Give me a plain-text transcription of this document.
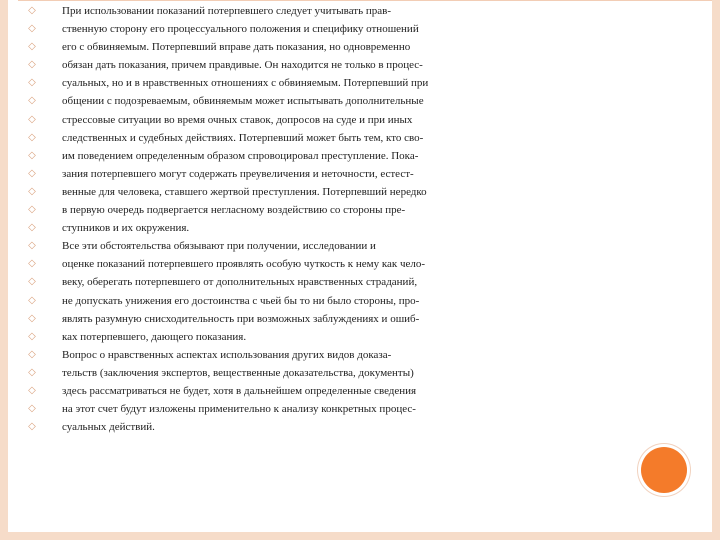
◇ При использовании показаний потерпевшего следует учитывать прав-
◇ ственную сторону его процессуального положения и специфику отношений
◇ его с обвиняемым. Потерпевший вправе дать показания, но одновременно
◇ обязан дать показания, причем правдивые. Он находится не только в процес-
◇ суальных, но и в нравственных отношениях с обвиняемым. Потерпевший при
◇ общении с подозреваемым, обвиняемым может испытывать дополнительные
◇ стрессовые ситуации во время очных ставок, допросов на суде и при иных
◇ следственных и судебных действиях. Потерпевший может быть тем, кто сво-
◇ им поведением определенным образом спровоцировал преступление. Пока-
◇ зания потерпевшего могут содержать преувеличения и неточности, естест-
◇ венные для человека, ставшего жертвой преступления. Потерпевший нередко
◇ в первую очередь подвергается негласному воздействию со стороны пре-
◇ ступников и их окружения.
◇ Все эти обстоятельства обязывают при получении, исследовании и
◇ оценке показаний потерпевшего проявлять особую чуткость к нему как чело-
◇ веку, оберегать потерпевшего от дополнительных нравственных страданий,
◇ не допускать унижения его достоинства с чьей бы то ни было стороны, про-
◇ являть разумную снисходительность при возможных заблуждениях и ошиб-
◇ ках потерпевшего, дающего показания.
◇ Вопрос о нравственных аспектах использования других видов доказа-
◇ тельств (заключения экспертов, вещественные доказательства, документы)
◇ здесь рассматриваться не будет, хотя в дальнейшем определенные сведения
◇ на этот счет будут изложены применительно к анализу конкретных процес-
◇ суальных действий.
